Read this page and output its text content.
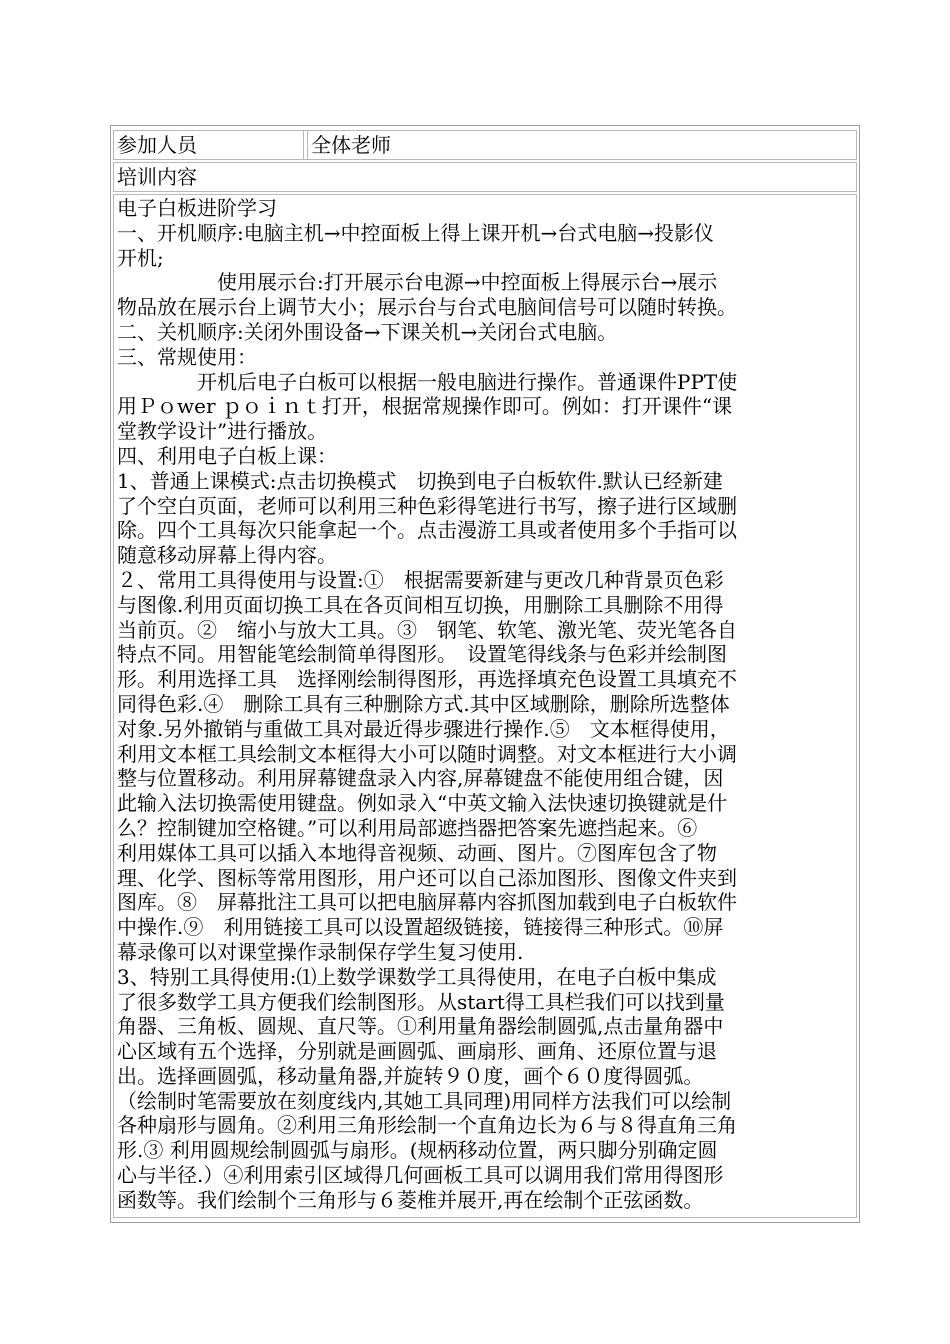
参加人员	全体老师
培训内容
电子白板进阶学习
一、开机顺序:电脑主机→中控面板上得上课开机→台式电脑→投影仪
开机;
　　　　　使用展示台:打开展示台电源→中控面板上得展示台→展示
物品放在展示台上调节大小；展示台与台式电脑间信号可以随时转换。
二、关机顺序:关闭外围设备→下课关机→关闭台式电脑。
三、常规使用：
　　　　开机后电子白板可以根据一般电脑进行操作。普通课件PPT使
用Ｐｏwer ｐｏｉｎｔ打开，根据常规操作即可。例如：打开课件“课
堂教学设计”进行播放。
四、利用电子白板上课：
1、普通上课模式:点击切换模式　切换到电子白板软件.默认已经新建
了个空白页面，老师可以利用三种色彩得笔进行书写，擦子进行区域删
除。四个工具每次只能拿起一个。点击漫游工具或者使用多个手指可以
随意移动屏幕上得内容。
２、常用工具得使用与设置:①　根据需要新建与更改几种背景页色彩
与图像.利用页面切换工具在各页间相互切换，用删除工具删除不用得
当前页。②　缩小与放大工具。③　钢笔、软笔、激光笔、荧光笔各自
特点不同。用智能笔绘制简单得图形。　设置笔得线条与色彩并绘制图
形。利用选择工具　选择刚绘制得图形，再选择填充色设置工具填充不
同得色彩.④　删除工具有三种删除方式.其中区域删除，删除所选整体
对象.另外撤销与重做工具对最近得步骤进行操作.⑤　文本框得使用，
利用文本框工具绘制文本框得大小可以随时调整。对文本框进行大小调
整与位置移动。利用屏幕键盘录入内容,屏幕键盘不能使用组合键，因
此输入法切换需使用键盘。例如录入“中英文输入法快速切换键就是什
么？控制键加空格键。”可以利用局部遮挡器把答案先遮挡起来。⑥
利用媒体工具可以插入本地得音视频、动画、图片。⑦图库包含了物
理、化学、图标等常用图形，用户还可以自己添加图形、图像文件夹到
图库。⑧　屏幕批注工具可以把电脑屏幕内容抓图加载到电子白板软件
中操作.⑨　利用链接工具可以设置超级链接，链接得三种形式。⑩屏
幕录像可以对课堂操作录制保存学生复习使用.
3、特别工具得使用:⑴上数学课数学工具得使用，在电子白板中集成
了很多数学工具方便我们绘制图形。从start得工具栏我们可以找到量
角器、三角板、圆规、直尺等。①利用量角器绘制圆弧,点击量角器中
心区域有五个选择，分别就是画圆弧、画扇形、画角、还原位置与退
出。选择画圆弧，移动量角器,并旋转９０度，画个６０度得圆弧。
（绘制时笔需要放在刻度线内,其她工具同理)用同样方法我们可以绘制
各种扇形与圆角。②利用三角形绘制一个直角边长为６与８得直角三角
形.③ 利用圆规绘制圆弧与扇形。(规柄移动位置，两只脚分别确定圆
心与半径.）④利用索引区域得几何画板工具可以调用我们常用得图形
函数等。我们绘制个三角形与６菱椎并展开,再在绘制个正弦函数。
